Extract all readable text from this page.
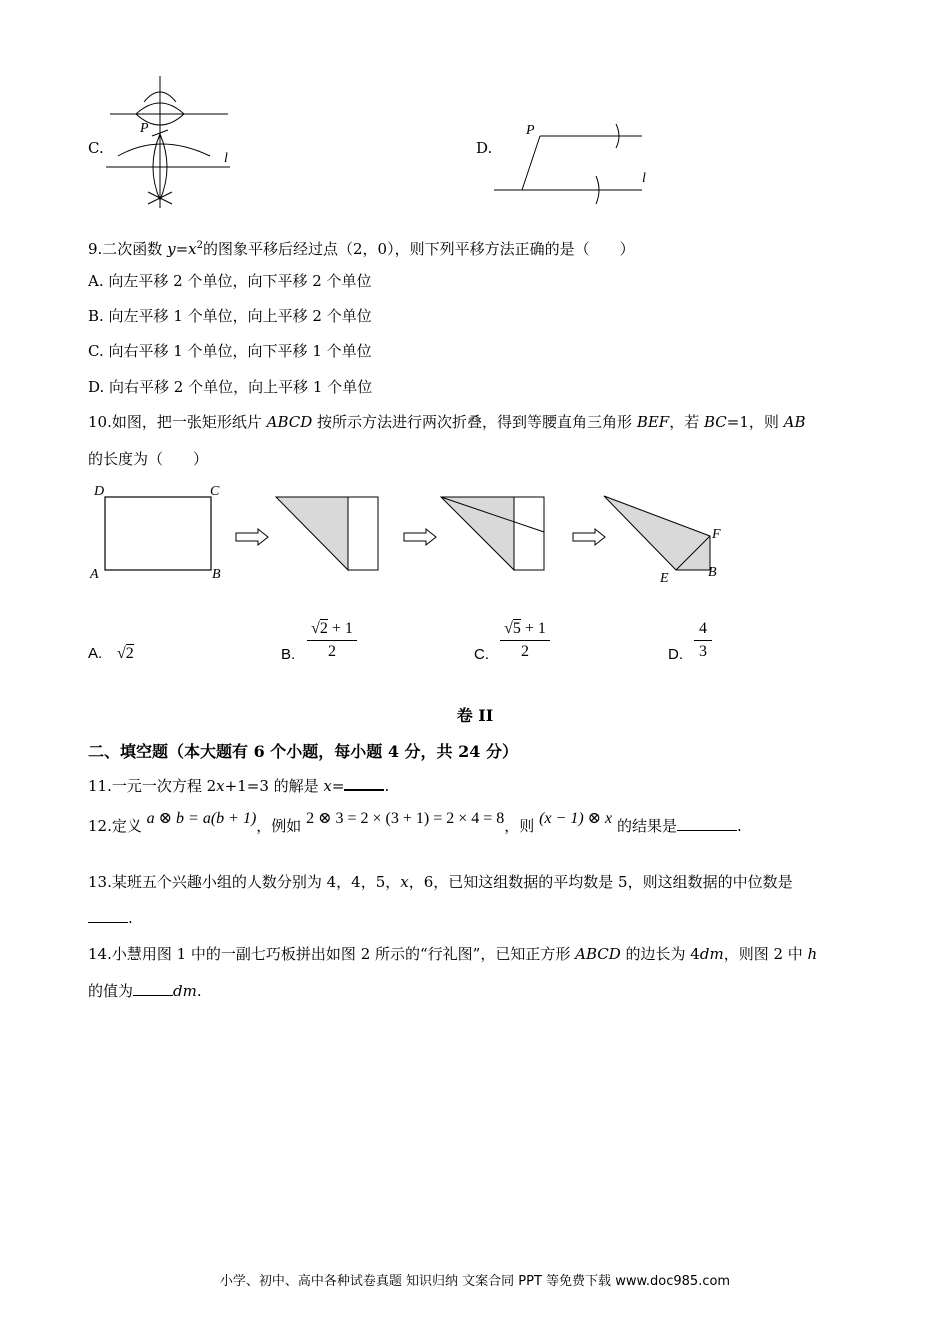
C.
P
l
D.
P
l
9.二次函数 $y=x^2$的图象平移后经过点（2，0），则下列平移方法正确的是（　　）
A. 向左平移 2 个单位，向下平移 2 个单位
B. 向左平移 1 个单位，向上平移 2 个单位
C. 向右平移 1 个单位，向下平移 1 个单位
D. 向右平移 2 个单位，向上平移 1 个单位
10.如图，把一张矩形纸片 ABCD 按所示方法进行两次折叠，得到等腰直角三角形 BEF，若 BC=1，则 AB
的长度为（　　）
D	C
A	B
F
E	B
A. √2	B. $\frac{√2 + 1}{2}$	C. $\frac{√5 + 1}{2}$	D. $\frac{4}{3}$
卷 II
二、填空题（本大题有 6 个小题，每小题 4 分，共 24 分）
11.一元一次方程 2x+1=3 的解是 x=	.
12.定义 a ⊗ b = a(b + 1)，例如 2 ⊗ 3 = 2 × (3 + 1) = 2 × 4 = 8，则 (x − 1) ⊗ x 的结果是	.
13.某班五个兴趣小组的人数分别为 4，4，5，x，6，已知这组数据的平均数是 5，则这组数据的中位数是
.
14.小慧用图 1 中的一副七巧板拼出如图 2 所示的“行礼图”，已知正方形 ABCD 的边长为 4dm，则图 2 中 h
的值为	dm.
小学、初中、高中各种试卷真题 知识归纳 文案合同 PPT 等免费下载 www.doc985.com
